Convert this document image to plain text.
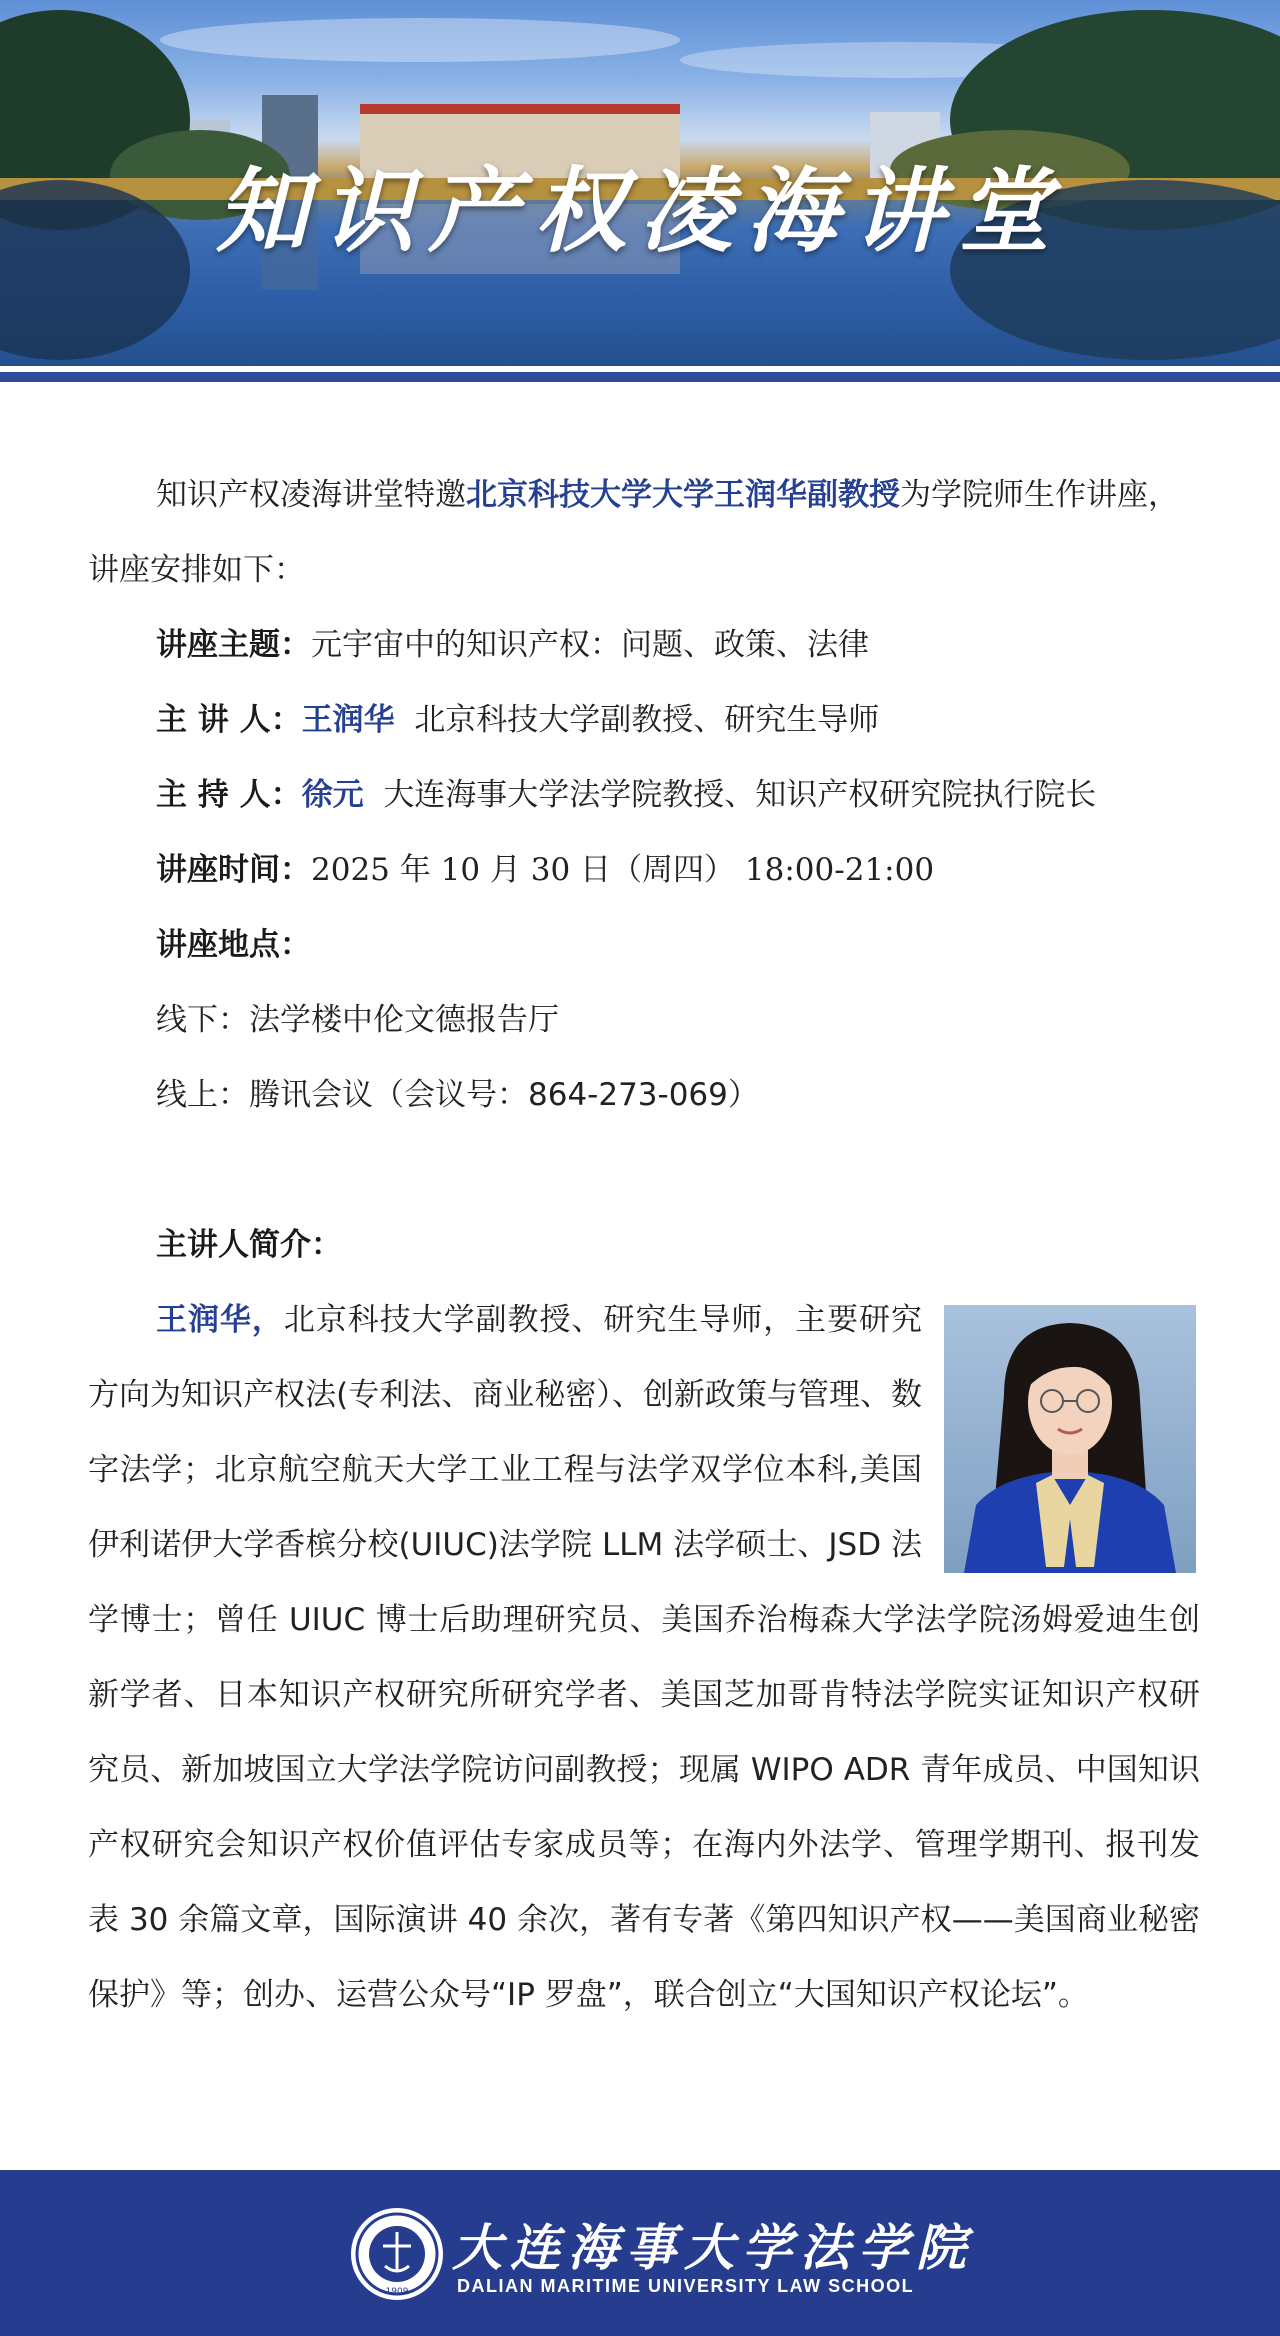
知识产权凌海讲堂

知识产权凌海讲堂特邀北京科技大学大学王润华副教授为学院师生作讲座，讲座安排如下：

讲座主题：元宇宙中的知识产权：问题、政策、法律
主 讲 人：王润华 北京科技大学副教授、研究生导师
主 持 人：徐元 大连海事大学法学院教授、知识产权研究院执行院长
讲座时间：2025 年 10 月 30 日（周四） 18:00-21:00
讲座地点：
线下：法学楼中伦文德报告厅
线上：腾讯会议（会议号：864-273-069）
主讲人简介：

王润华，北京科技大学副教授、研究生导师，主要研究方向为知识产权法(专利法、商业秘密）、创新政策与管理、数字法学；北京航空航天大学工业工程与法学双学位本科,美国伊利诺伊大学香槟分校(UIUC)法学院 LLM 法学硕士、JSD 法学博士；曾任 UIUC 博士后助理研究员、美国乔治梅森大学法学院汤姆爱迪生创新学者、日本知识产权研究所研究学者、美国芝加哥肯特法学院实证知识产权研究员、新加坡国立大学法学院访问副教授；现属 WIPO ADR 青年成员、中国知识产权研究会知识产权价值评估专家成员等；在海内外法学、管理学期刊、报刊发表 30 余篇文章，国际演讲 40 余次，著有专著《第四知识产权——美国商业秘密保护》等；创办、运营公众号“IP 罗盘”，联合创立“大国知识产权论坛”。

1909
大连海事大学法学院
DALIAN MARITIME UNIVERSITY LAW SCHOOL
